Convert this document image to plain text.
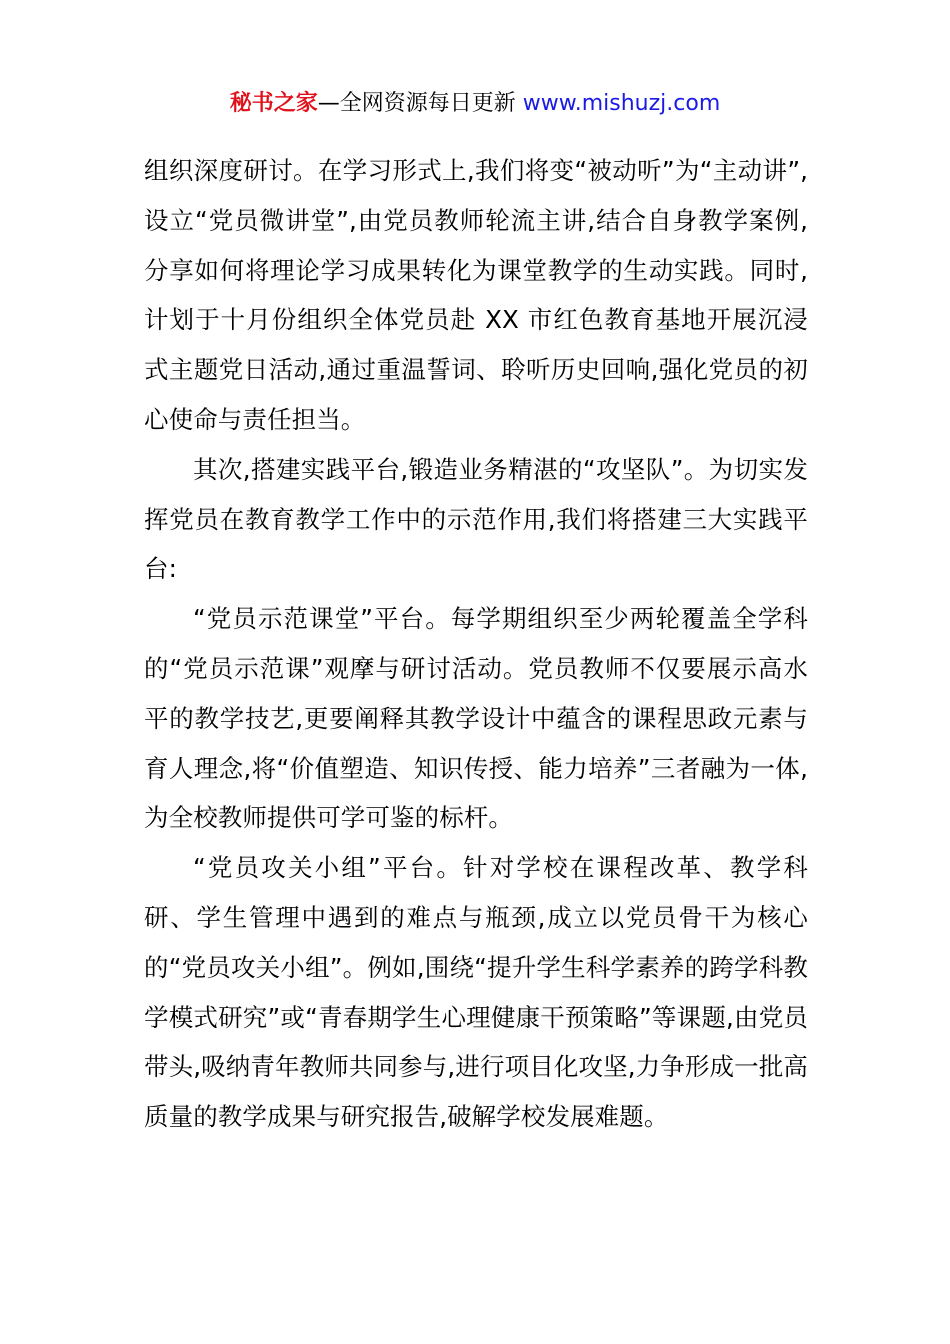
秘书之家—全网资源每日更新 www.mishuzj.com

组织深度研讨。在学习形式上,我们将变“被动听”为“主动讲”,设立“党员微讲堂”,由党员教师轮流主讲,结合自身教学案例,分享如何将理论学习成果转化为课堂教学的生动实践。同时,计划于十月份组织全体党员赴 XX 市红色教育基地开展沉浸式主题党日活动,通过重温誓词、聆听历史回响,强化党员的初心使命与责任担当。

其次,搭建实践平台,锻造业务精湛的“攻坚队”。为切实发挥党员在教育教学工作中的示范作用,我们将搭建三大实践平台:

“党员示范课堂”平台。每学期组织至少两轮覆盖全学科的“党员示范课”观摩与研讨活动。党员教师不仅要展示高水平的教学技艺,更要阐释其教学设计中蕴含的课程思政元素与育人理念,将“价值塑造、知识传授、能力培养”三者融为一体,为全校教师提供可学可鉴的标杆。

“党员攻关小组”平台。针对学校在课程改革、教学科研、学生管理中遇到的难点与瓶颈,成立以党员骨干为核心的“党员攻关小组”。例如,围绕“提升学生科学素养的跨学科教学模式研究”或“青春期学生心理健康干预策略”等课题,由党员带头,吸纳青年教师共同参与,进行项目化攻坚,力争形成一批高质量的教学成果与研究报告,破解学校发展难题。
